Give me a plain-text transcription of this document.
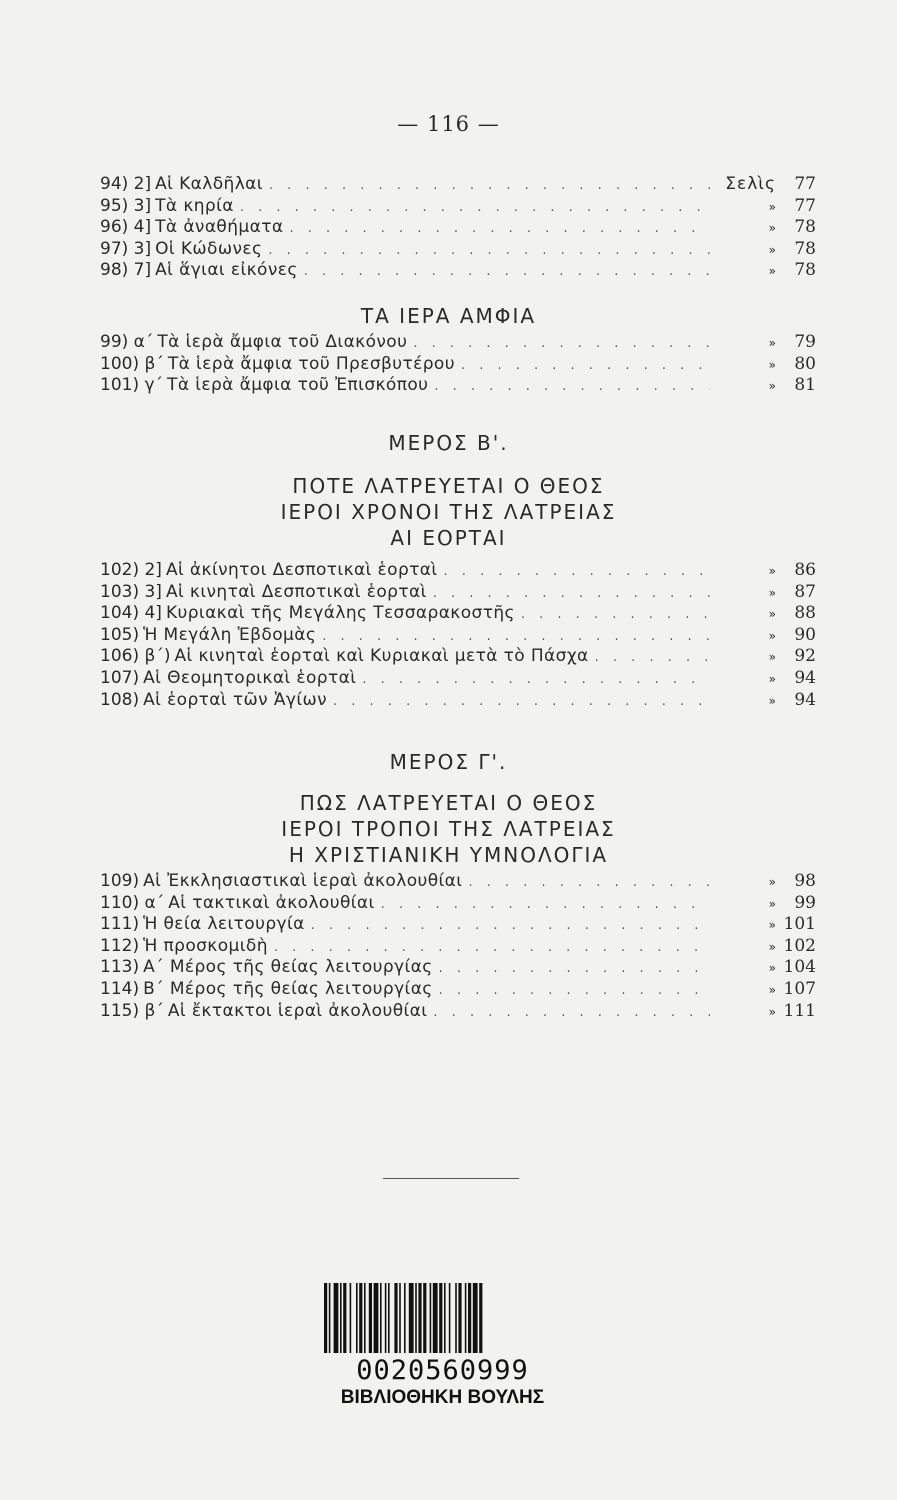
— 116 —
94) 2] Αἱ Καλδῆλαι . . .	Σελὶς	77
95) 3] Τὰ κηρία . . .	»	77
96) 4] Τὰ ἀναθήματα . . .	»	78
97) 3] Οἱ Κώδωνες . . .	»	78
98) 7] Αἱ ἅγιαι εἰκόνες . . .	»	78
ΤΑ ΙΕΡΑ ΑΜΦΙΑ
99) α΄ Τὰ ἱερὰ ἄμφια τοῦ Διακόνου . . .	»	79
100) β΄ Τὰ ἱερὰ ἄμφια τοῦ Πρεσβυτέρου . . .	»	80
101) γ΄ Τὰ ἱερὰ ἄμφια τοῦ Ἐπισκόπου . . .	»	81
ΜΕΡΟΣ Β'.
ΠΟΤΕ ΛΑΤΡΕΥΕΤΑΙ Ο ΘΕΟΣ
ΙΕΡΟΙ ΧΡΟΝΟΙ ΤΗΣ ΛΑΤΡΕΙΑΣ
ΑΙ ΕΟΡΤΑΙ
102) 2] Αἱ ἀκίνητοι Δεσποτικαὶ ἑορταὶ . . .	»	86
103) 3] Αἱ κινηταὶ Δεσποτικαὶ ἑορταὶ . . .	»	87
104) 4] Κυριακαὶ τῆς Μεγάλης Τεσσαρακοστῆς . . .	»	88
105) Ἡ Μεγάλη Ἑβδομὰς . . .	»	90
106) β΄) Αἱ κινηταὶ ἑορταὶ καὶ Κυριακαὶ μετὰ τὸ Πάσχα . . .	»	92
107) Αἱ Θεομητορικαὶ ἑορταὶ . . .	»	94
108) Αἱ ἑορταὶ τῶν Ἁγίων . . .	»	94
ΜΕΡΟΣ Γ'.
ΠΩΣ ΛΑΤΡΕΥΕΤΑΙ Ο ΘΕΟΣ
ΙΕΡΟΙ ΤΡΟΠΟΙ ΤΗΣ ΛΑΤΡΕΙΑΣ
Η ΧΡΙΣΤΙΑΝΙΚΗ ΥΜΝΟΛΟΓΙΑ
109) Αἱ Ἐκκλησιαστικαὶ ἱεραὶ ἀκολουθίαι . . .	»	98
110) α΄ Αἱ τακτικαὶ ἀκολουθίαι . . .	»	99
111) Ἡ θεία λειτουργία . . .	» 101
112) Ἡ προσκομιδὴ . . .	» 102
113) Α΄ Μέρος τῆς θείας λειτουργίας . . .	» 104
114) Β΄ Μέρος τῆς θείας λειτουργίας . . .	» 107
115) β΄ Αἱ ἔκτακτοι ἱεραὶ ἀκολουθίαι . . .	» 111
0020560999
ΒΙΒΛΙΟΘΗΚΗ ΒΟΥΛΗΣ
